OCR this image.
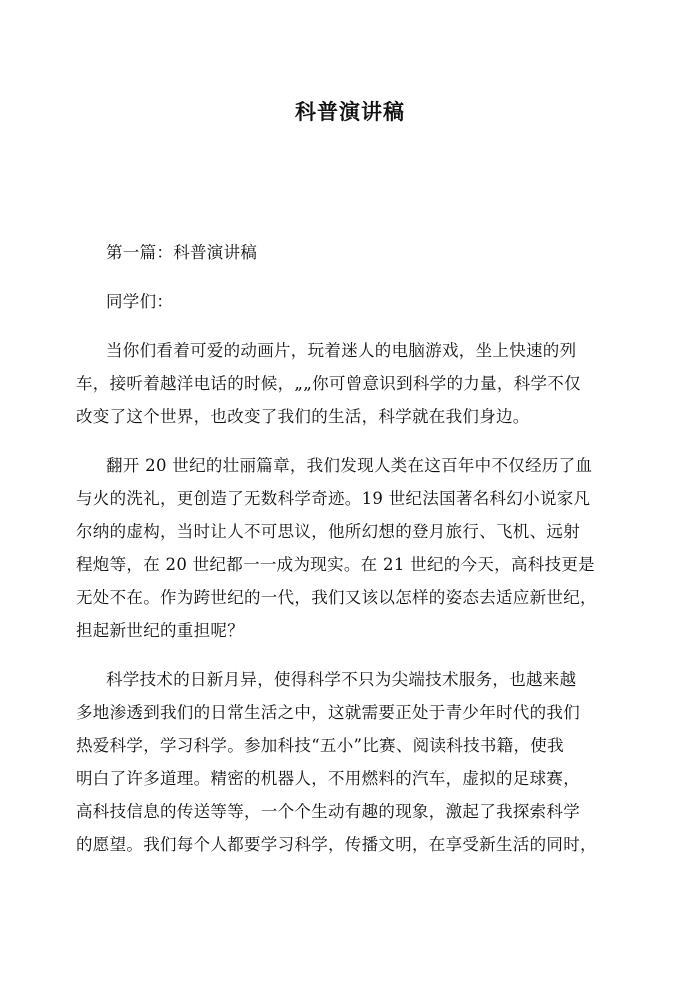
科普演讲稿
第一篇：科普演讲稿
同学们：
当你们看着可爱的动画片，玩着迷人的电脑游戏，坐上快速的列
车，接听着越洋电话的时候，„„你可曾意识到科学的力量，科学不仅
改变了这个世界，也改变了我们的生活，科学就在我们身边。
翻开 20 世纪的壮丽篇章，我们发现人类在这百年中不仅经历了血
与火的洗礼，更创造了无数科学奇迹。19 世纪法国著名科幻小说家凡
尔纳的虚构，当时让人不可思议，他所幻想的登月旅行、飞机、远射
程炮等，在 20 世纪都一一成为现实。在 21 世纪的今天，高科技更是
无处不在。作为跨世纪的一代，我们又该以怎样的姿态去适应新世纪，
担起新世纪的重担呢？
科学技术的日新月异，使得科学不只为尖端技术服务，也越来越
多地渗透到我们的日常生活之中，这就需要正处于青少年时代的我们
热爱科学，学习科学。参加科技“五小”比赛、阅读科技书籍，使我
明白了许多道理。精密的机器人，不用燃料的汽车，虚拟的足球赛，
高科技信息的传送等等，一个个生动有趣的现象，激起了我探索科学
的愿望。我们每个人都要学习科学，传播文明，在享受新生活的同时，
